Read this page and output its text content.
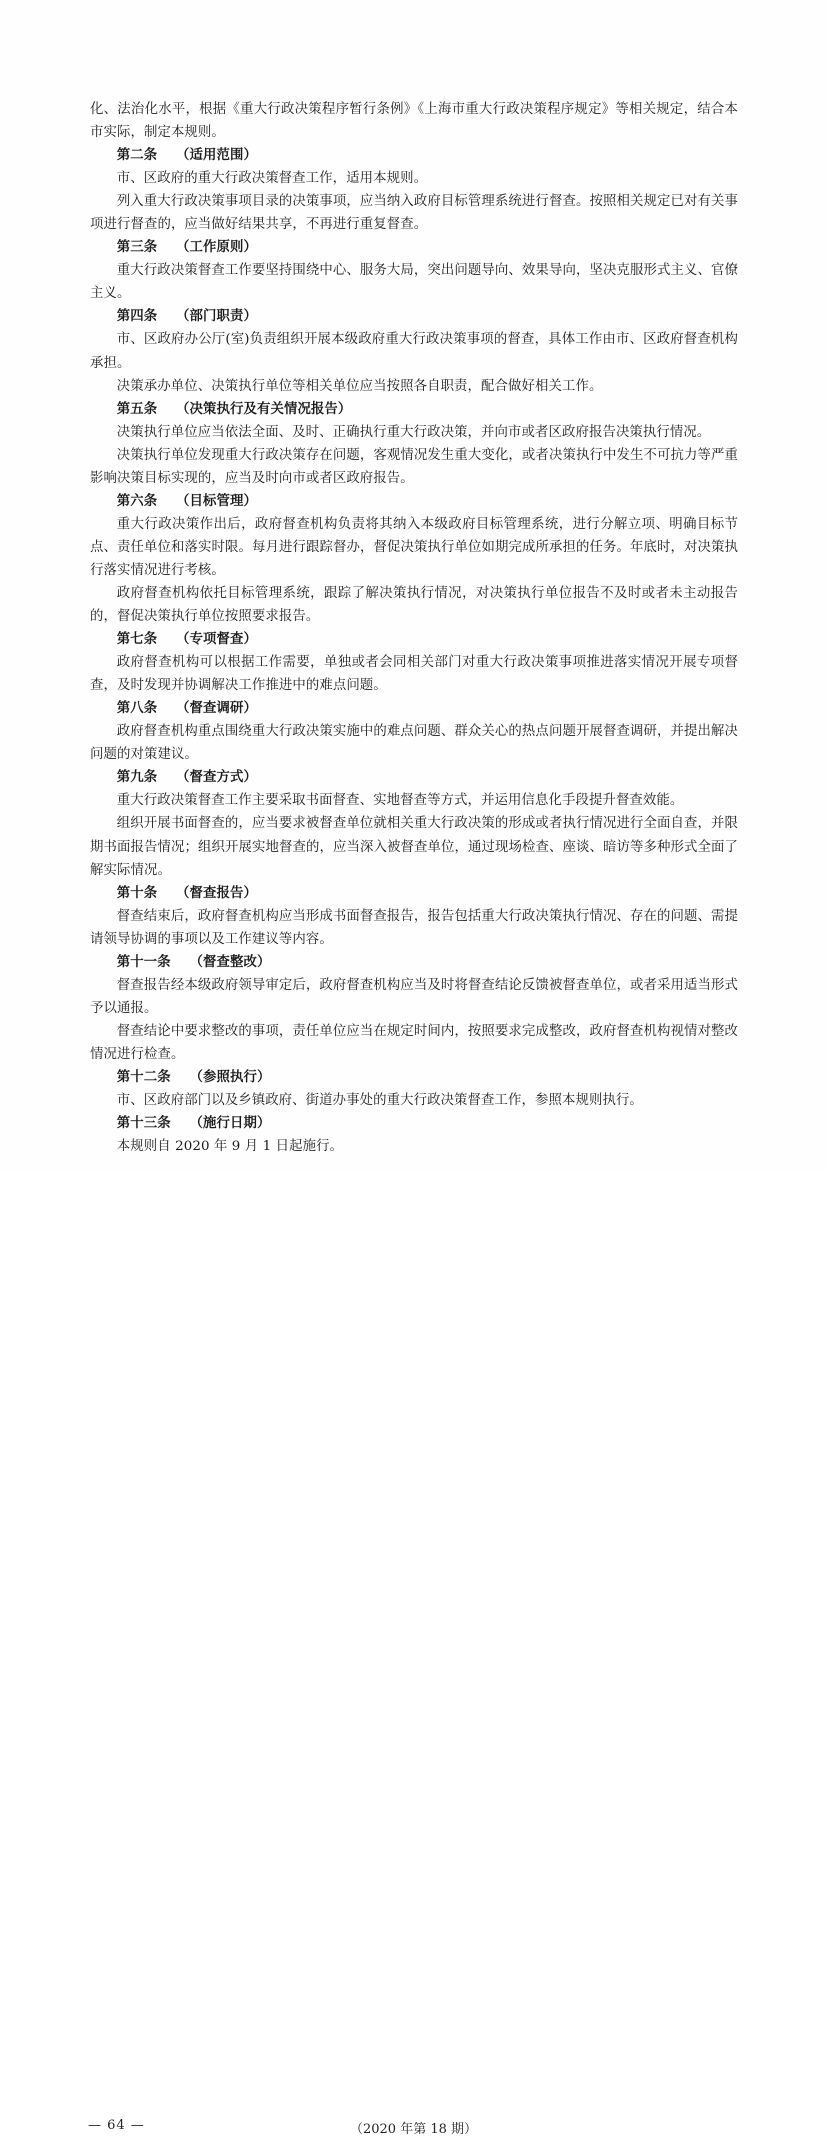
化、法治化水平，根据《重大行政决策程序暂行条例》《上海市重大行政决策程序规定》等相关规定，结合本市实际，制定本规则。

第二条 （适用范围）

市、区政府的重大行政决策督查工作，适用本规则。

列入重大行政决策事项目录的决策事项，应当纳入政府目标管理系统进行督查。按照相关规定已对有关事项进行督查的，应当做好结果共享，不再进行重复督查。

第三条 （工作原则）

重大行政决策督查工作要坚持围绕中心、服务大局，突出问题导向、效果导向，坚决克服形式主义、官僚主义。

第四条 （部门职责）

市、区政府办公厅(室)负责组织开展本级政府重大行政决策事项的督查，具体工作由市、区政府督查机构承担。

决策承办单位、决策执行单位等相关单位应当按照各自职责，配合做好相关工作。

第五条 （决策执行及有关情况报告）

决策执行单位应当依法全面、及时、正确执行重大行政决策，并向市或者区政府报告决策执行情况。

决策执行单位发现重大行政决策存在问题，客观情况发生重大变化，或者决策执行中发生不可抗力等严重影响决策目标实现的，应当及时向市或者区政府报告。

第六条 （目标管理）

重大行政决策作出后，政府督查机构负责将其纳入本级政府目标管理系统，进行分解立项、明确目标节点、责任单位和落实时限。每月进行跟踪督办，督促决策执行单位如期完成所承担的任务。年底时，对决策执行落实情况进行考核。

政府督查机构依托目标管理系统，跟踪了解决策执行情况，对决策执行单位报告不及时或者未主动报告的，督促决策执行单位按照要求报告。

第七条 （专项督查）

政府督查机构可以根据工作需要，单独或者会同相关部门对重大行政决策事项推进落实情况开展专项督查，及时发现并协调解决工作推进中的难点问题。

第八条 （督查调研）

政府督查机构重点围绕重大行政决策实施中的难点问题、群众关心的热点问题开展督查调研，并提出解决问题的对策建议。

第九条 （督查方式）

重大行政决策督查工作主要采取书面督查、实地督查等方式，并运用信息化手段提升督查效能。

组织开展书面督查的，应当要求被督查单位就相关重大行政决策的形成或者执行情况进行全面自查，并限期书面报告情况；组织开展实地督查的，应当深入被督查单位，通过现场检查、座谈、暗访等多种形式全面了解实际情况。

第十条 （督查报告）

督查结束后，政府督查机构应当形成书面督查报告，报告包括重大行政决策执行情况、存在的问题、需提请领导协调的事项以及工作建议等内容。

第十一条 （督查整改）

督查报告经本级政府领导审定后，政府督查机构应当及时将督查结论反馈被督查单位，或者采用适当形式予以通报。

督查结论中要求整改的事项，责任单位应当在规定时间内，按照要求完成整改，政府督查机构视情对整改情况进行检查。

第十二条 （参照执行）

市、区政府部门以及乡镇政府、街道办事处的重大行政决策督查工作，参照本规则执行。

第十三条 （施行日期）

本规则自 2020 年 9 月 1 日起施行。

— 64 —	（2020 年第 18 期）
